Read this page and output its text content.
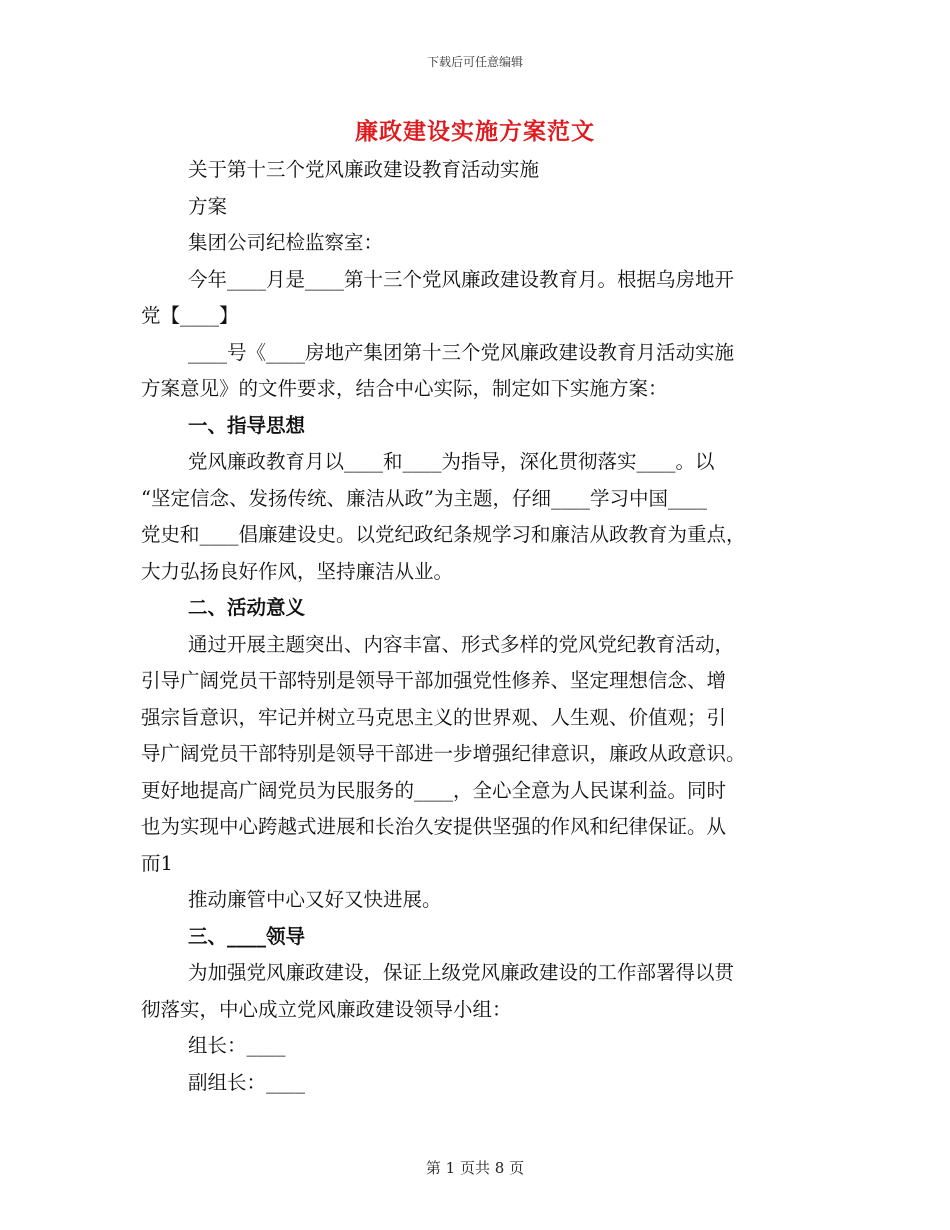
下载后可任意编辑
廉政建设实施方案范文
关于第十三个党风廉政建设教育活动实施
方案
集团公司纪检监察室：
今年____月是____第十三个党风廉政建设教育月。根据乌房地开
党【____】
____号《____房地产集团第十三个党风廉政建设教育月活动实施
方案意见》的文件要求，结合中心实际，制定如下实施方案：
一、指导思想
党风廉政教育月以____和____为指导，深化贯彻落实____。以
“坚定信念、发扬传统、廉洁从政”为主题，仔细____学习中国____
党史和____倡廉建设史。以党纪政纪条规学习和廉洁从政教育为重点，
大力弘扬良好作风，坚持廉洁从业。
二、活动意义
通过开展主题突出、内容丰富、形式多样的党风党纪教育活动，
引导广阔党员干部特别是领导干部加强党性修养、坚定理想信念、增
强宗旨意识，牢记并树立马克思主义的世界观、人生观、价值观；引
导广阔党员干部特别是领导干部进一步增强纪律意识，廉政从政意识。
更好地提高广阔党员为民服务的____，全心全意为人民谋利益。同时
也为实现中心跨越式进展和长治久安提供坚强的作风和纪律保证。从
而1
推动廉管中心又好又快进展。
三、____领导
为加强党风廉政建设，保证上级党风廉政建设的工作部署得以贯
彻落实，中心成立党风廉政建设领导小组：
组长：____
副组长：____
第 1 页共 8 页
